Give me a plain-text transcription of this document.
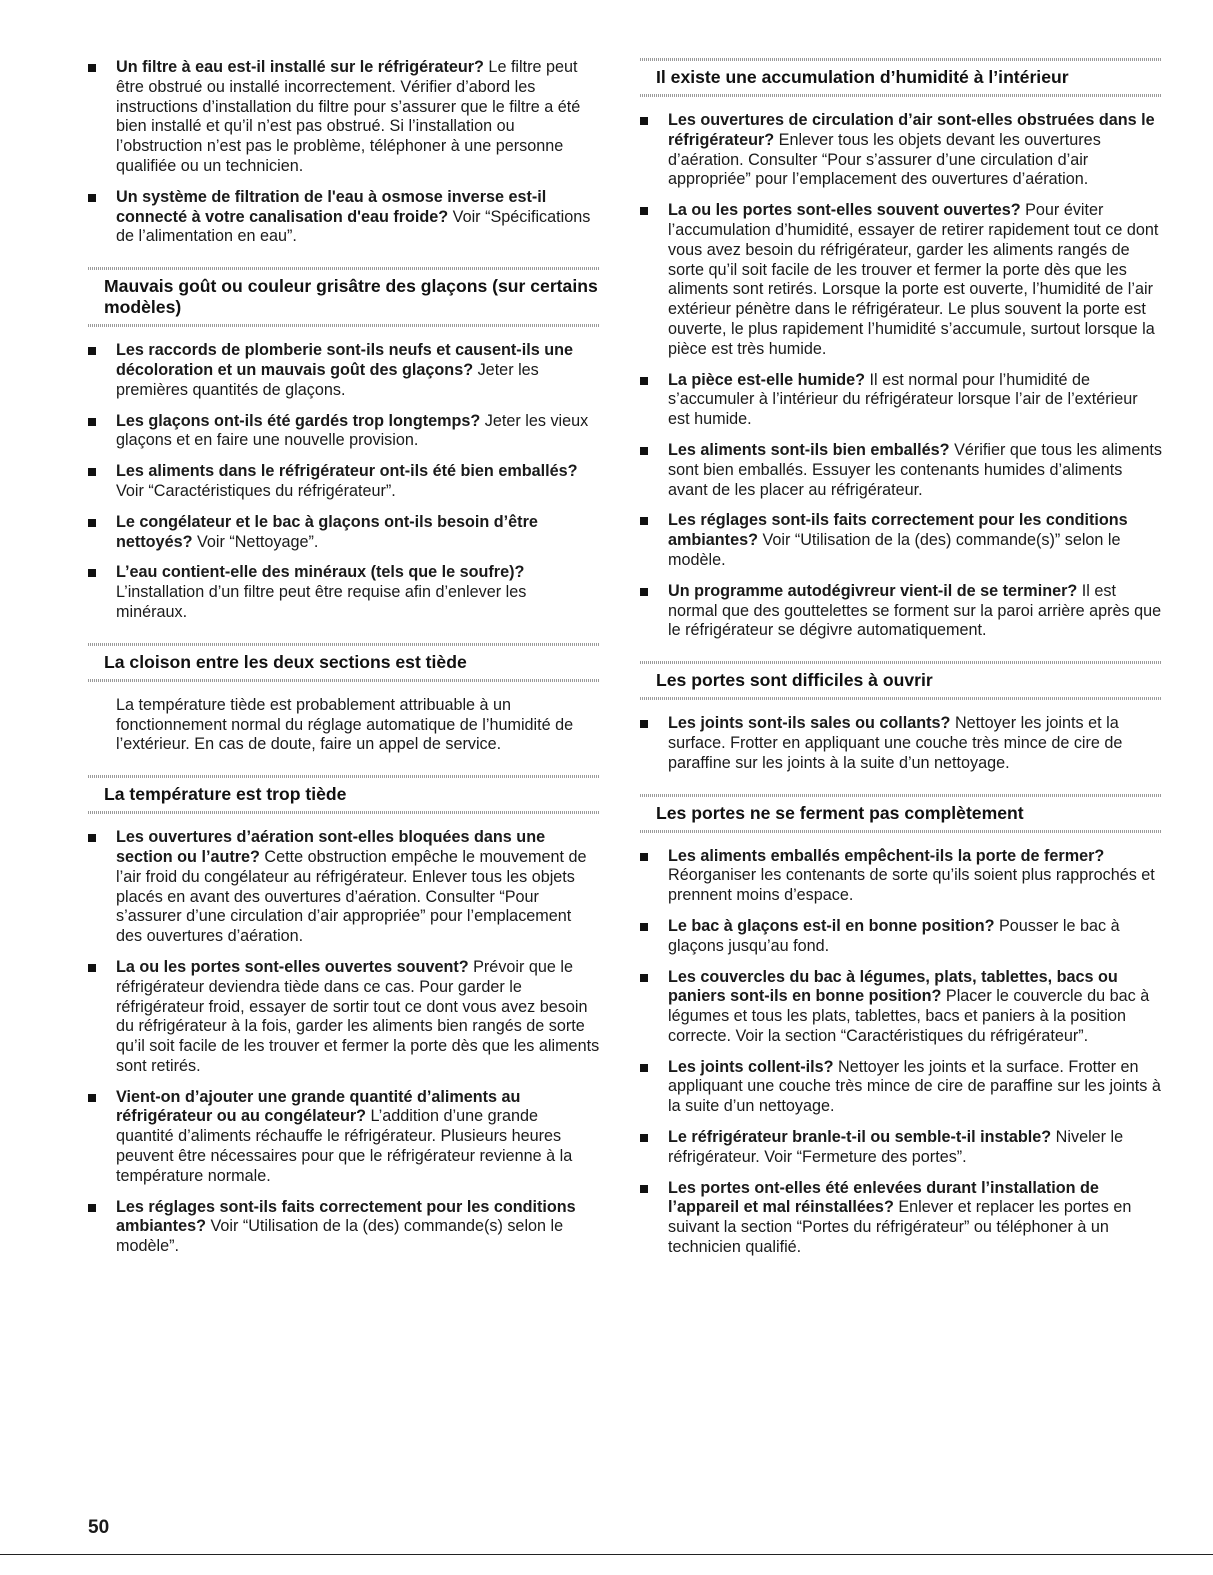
Un filtre à eau est-il installé sur le réfrigérateur? Le filtre peut être obstrué ou installé incorrectement. Vérifier d’abord les instructions d’installation du filtre pour s’assurer que le filtre a été bien installé et qu’il n’est pas obstrué. Si l’installation ou l’obstruction n’est pas le problème, téléphoner à une personne qualifiée ou un technicien.
Un système de filtration de l'eau à osmose inverse est-il connecté à votre canalisation d'eau froide? Voir “Spécifications de l’alimentation en eau”.
Mauvais goût ou couleur grisâtre des glaçons (sur certains modèles)
Les raccords de plomberie sont-ils neufs et causent-ils une décoloration et un mauvais goût des glaçons? Jeter les premières quantités de glaçons.
Les glaçons ont-ils été gardés trop longtemps? Jeter les vieux glaçons et en faire une nouvelle provision.
Les aliments dans le réfrigérateur ont-ils été bien emballés? Voir “Caractéristiques du réfrigérateur”.
Le congélateur et le bac à glaçons ont-ils besoin d’être nettoyés? Voir “Nettoyage”.
L’eau contient-elle des minéraux (tels que le soufre)? L’installation d’un filtre peut être requise afin d’enlever les minéraux.
La cloison entre les deux sections est tiède
La température tiède est probablement attribuable à un fonctionnement normal du réglage automatique de l’humidité de l’extérieur. En cas de doute, faire un appel de service.
La température est trop tiède
Les ouvertures d’aération sont-elles bloquées dans une section ou l’autre? Cette obstruction empêche le mouvement de l’air froid du congélateur au réfrigérateur. Enlever tous les objets placés en avant des ouvertures d’aération. Consulter “Pour s’assurer d’une circulation d’air appropriée” pour l’emplacement des ouvertures d’aération.
La ou les portes sont-elles ouvertes souvent? Prévoir que le réfrigérateur deviendra tiède dans ce cas. Pour garder le réfrigérateur froid, essayer de sortir tout ce dont vous avez besoin du réfrigérateur à la fois, garder les aliments bien rangés de sorte qu’il soit facile de les trouver et fermer la porte dès que les aliments sont retirés.
Vient-on d’ajouter une grande quantité d’aliments au réfrigérateur ou au congélateur? L’addition d’une grande quantité d’aliments réchauffe le réfrigérateur. Plusieurs heures peuvent être nécessaires pour que le réfrigérateur revienne à la température normale.
Les réglages sont-ils faits correctement pour les conditions ambiantes? Voir “Utilisation de la (des) commande(s) selon le modèle”.
Il existe une accumulation d’humidité à l’intérieur
Les ouvertures de circulation d’air sont-elles obstruées dans le réfrigérateur? Enlever tous les objets devant les ouvertures d’aération. Consulter “Pour s’assurer d’une circulation d’air appropriée” pour l’emplacement des ouvertures d’aération.
La ou les portes sont-elles souvent ouvertes? Pour éviter l’accumulation d’humidité, essayer de retirer rapidement tout ce dont vous avez besoin du réfrigérateur, garder les aliments rangés de sorte qu’il soit facile de les trouver et fermer la porte dès que les aliments sont retirés. Lorsque la porte est ouverte, l’humidité de l’air extérieur pénètre dans le réfrigérateur. Le plus souvent la porte est ouverte, le plus rapidement l’humidité s’accumule, surtout lorsque la pièce est très humide.
La pièce est-elle humide? Il est normal pour l’humidité de s’accumuler à l’intérieur du réfrigérateur lorsque l’air de l’extérieur est humide.
Les aliments sont-ils bien emballés? Vérifier que tous les aliments sont bien emballés. Essuyer les contenants humides d’aliments avant de les placer au réfrigérateur.
Les réglages sont-ils faits correctement pour les conditions ambiantes? Voir “Utilisation de la (des) commande(s)” selon le modèle.
Un programme autodégivreur vient-il de se terminer? Il est normal que des gouttelettes se forment sur la paroi arrière après que le réfrigérateur se dégivre automatiquement.
Les portes sont difficiles à ouvrir
Les joints sont-ils sales ou collants? Nettoyer les joints et la surface. Frotter en appliquant une couche très mince de cire de paraffine sur les joints à la suite d’un nettoyage.
Les portes ne se ferment pas complètement
Les aliments emballés empêchent-ils la porte de fermer? Réorganiser les contenants de sorte qu’ils soient plus rapprochés et prennent moins d’espace.
Le bac à glaçons est-il en bonne position? Pousser le bac à glaçons jusqu’au fond.
Les couvercles du bac à légumes, plats, tablettes, bacs ou paniers sont-ils en bonne position? Placer le couvercle du bac à légumes et tous les plats, tablettes, bacs et paniers à la position correcte. Voir la section “Caractéristiques du réfrigérateur”.
Les joints collent-ils? Nettoyer les joints et la surface. Frotter en appliquant une couche très mince de cire de paraffine sur les joints à la suite d’un nettoyage.
Le réfrigérateur branle-t-il ou semble-t-il instable? Niveler le réfrigérateur. Voir “Fermeture des portes”.
Les portes ont-elles été enlevées durant l’installation de l’appareil et mal réinstallées? Enlever et replacer les portes en suivant la section “Portes du réfrigérateur” ou téléphoner à un technicien qualifié.
50
